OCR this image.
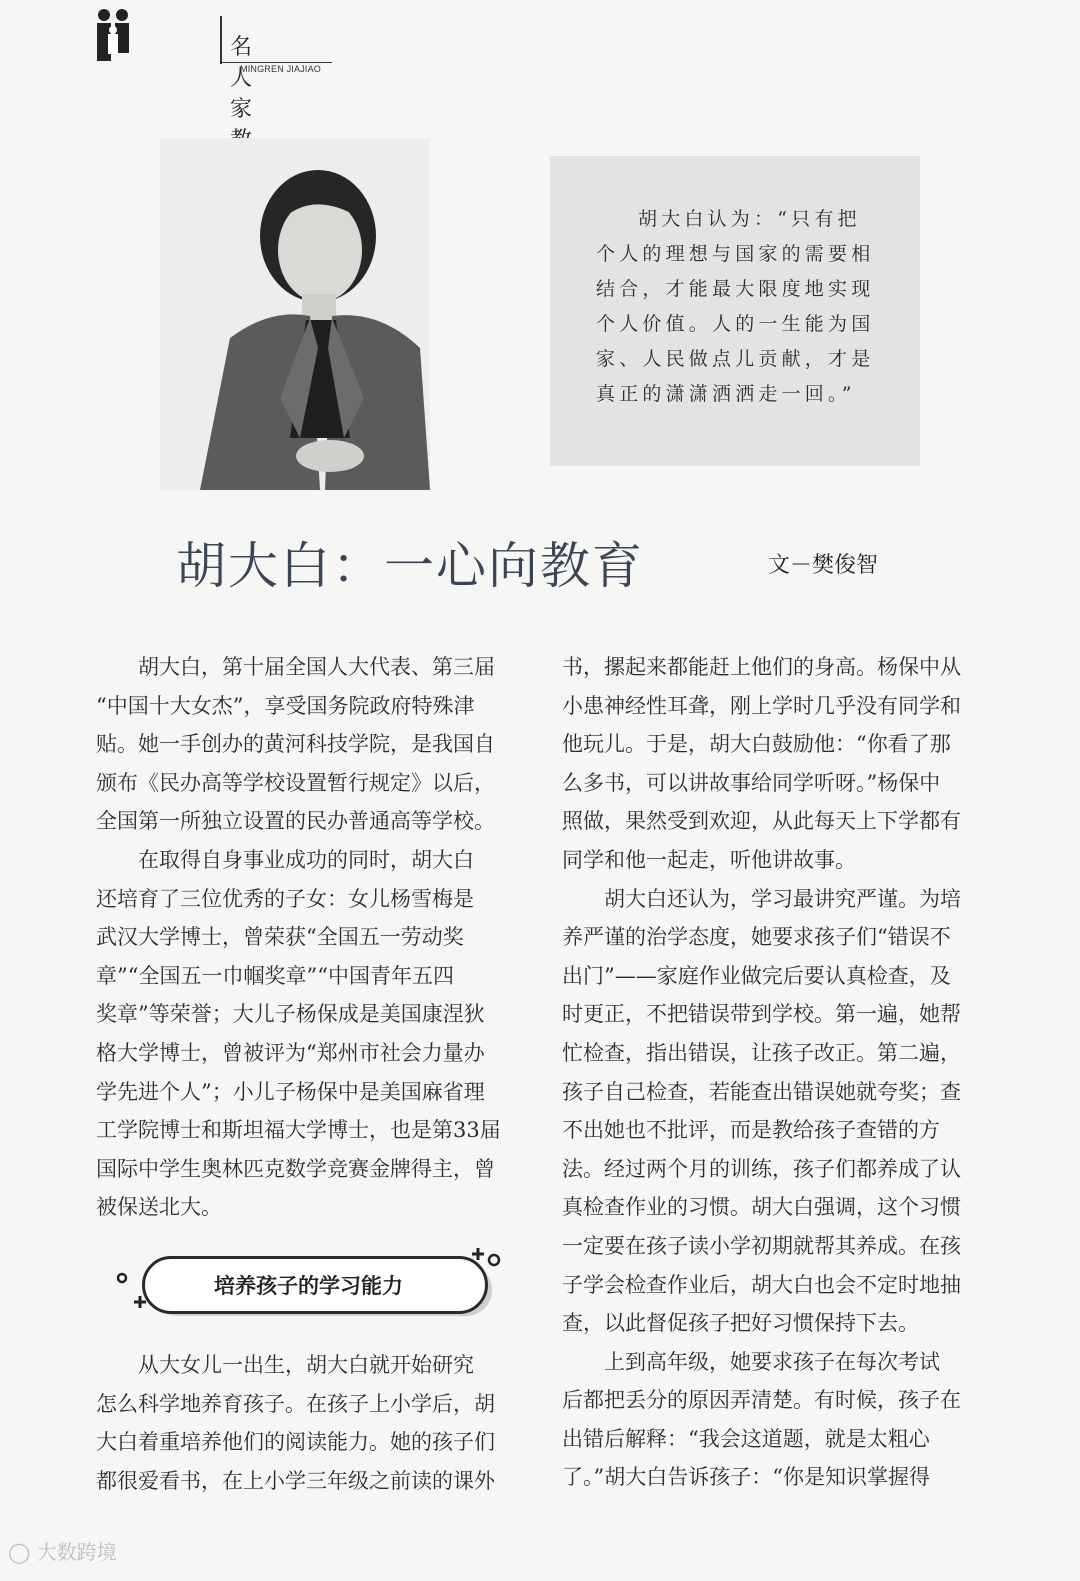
名人家
MINGREN JIAJIAO
胡大白认为：“只有把
个人的理想与国家的需要相
结合，才能最大限度地实现
个人价值。人的一生能为国
家、人民做点儿贡献，才是
真正的潇潇洒洒走一回。”
胡大白：一心向教育	文－樊俊智
　　胡大白，第十届全国人大代表、第三届
“中国十大女杰”，享受国务院政府特殊津
贴。她一手创办的黄河科技学院，是我国自
颁布《民办高等学校设置暂行规定》以后，
全国第一所独立设置的民办普通高等学校。
　　在取得自身事业成功的同时，胡大白
还培育了三位优秀的子女：女儿杨雪梅是
武汉大学博士，曾荣获“全国五一劳动奖
章”“全国五一巾帼奖章”“中国青年五四
奖章”等荣誉；大儿子杨保成是美国康涅狄
格大学博士，曾被评为“郑州市社会力量办
学先进个人”；小儿子杨保中是美国麻省理
工学院博士和斯坦福大学博士，也是第33届
国际中学生奥林匹克数学竞赛金牌得主，曾
被保送北大。
培养孩子的学习能力
　　从大女儿一出生，胡大白就开始研究
怎么科学地养育孩子。在孩子上小学后，胡
大白着重培养他们的阅读能力。她的孩子们
都很爱看书，在上小学三年级之前读的课外
书，摞起来都能赶上他们的身高。杨保中从
小患神经性耳聋，刚上学时几乎没有同学和
他玩儿。于是，胡大白鼓励他：“你看了那
么多书，可以讲故事给同学听呀。”杨保中
照做，果然受到欢迎，从此每天上下学都有
同学和他一起走，听他讲故事。
　　胡大白还认为，学习最讲究严谨。为培
养严谨的治学态度，她要求孩子们“错误不
出门”——家庭作业做完后要认真检查，及
时更正，不把错误带到学校。第一遍，她帮
忙检查，指出错误，让孩子改正。第二遍，
孩子自己检查，若能查出错误她就夸奖；查
不出她也不批评，而是教给孩子查错的方
法。经过两个月的训练，孩子们都养成了认
真检查作业的习惯。胡大白强调，这个习惯
一定要在孩子读小学初期就帮其养成。在孩
子学会检查作业后，胡大白也会不定时地抽
查，以此督促孩子把好习惯保持下去。
　　上到高年级，她要求孩子在每次考试
后都把丢分的原因弄清楚。有时候，孩子在
出错后解释：“我会这道题，就是太粗心
了。”胡大白告诉孩子：“你是知识掌握得
◯ 大数跨境
